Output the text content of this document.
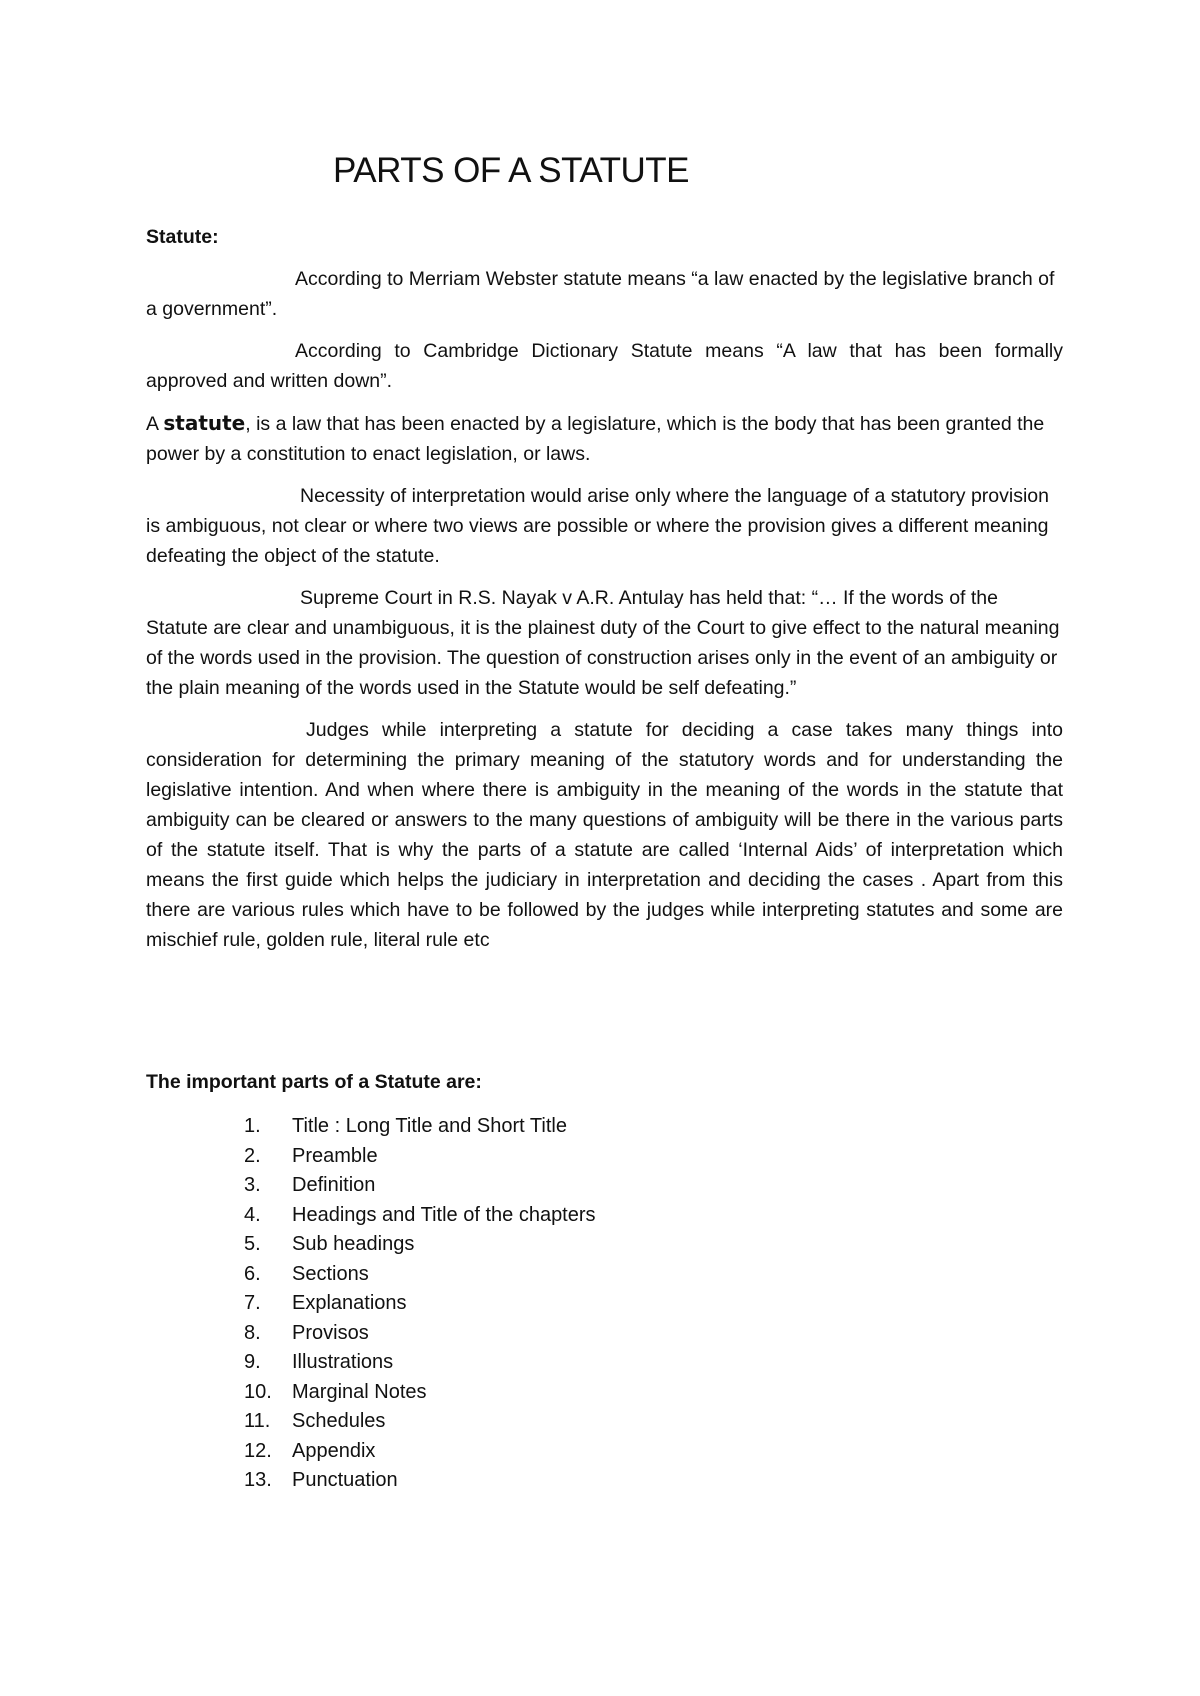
PARTS OF A STATUTE

Statute:

According to Merriam Webster statute means “a law enacted by the legislative branch of a government”.

According to Cambridge Dictionary Statute means “A law that has been formally approved and written down”.

A statute, is a law that has been enacted by a legislature, which is the body that has been granted the power by a constitution to enact legislation, or laws.

Necessity of interpretation would arise only where the language of a statutory provision is ambiguous, not clear or where two views are possible or where the provision gives a different meaning defeating the object of the statute.

Supreme Court in R.S. Nayak v A.R. Antulay has held that: “… If the words of the Statute are clear and unambiguous, it is the plainest duty of the Court to give effect to the natural meaning of the words used in the provision. The question of construction arises only in the event of an ambiguity or the plain meaning of the words used in the Statute would be self defeating.”

Judges while interpreting a statute for deciding a case takes many things into consideration for determining the primary meaning of the statutory words and for understanding the legislative intention. And when where there is ambiguity in the meaning of the words in the statute that ambiguity can be cleared or answers to the many questions of ambiguity will be there in the various parts of the statute itself. That is why the parts of a statute are called ‘Internal Aids’ of interpretation which means the first guide which helps the judiciary in interpretation and deciding the cases . Apart from this there are various rules which have to be followed by the judges while interpreting statutes and some are mischief rule, golden rule, literal rule etc

The important parts of a Statute are:

1.	Title : Long Title and Short Title
2.	Preamble
3.	Definition
4.	Headings and Title of the chapters
5.	Sub headings
6.	Sections
7.	Explanations
8.	Provisos
9.	Illustrations
10.	Marginal Notes
11.	Schedules
12.	Appendix
13.	Punctuation
